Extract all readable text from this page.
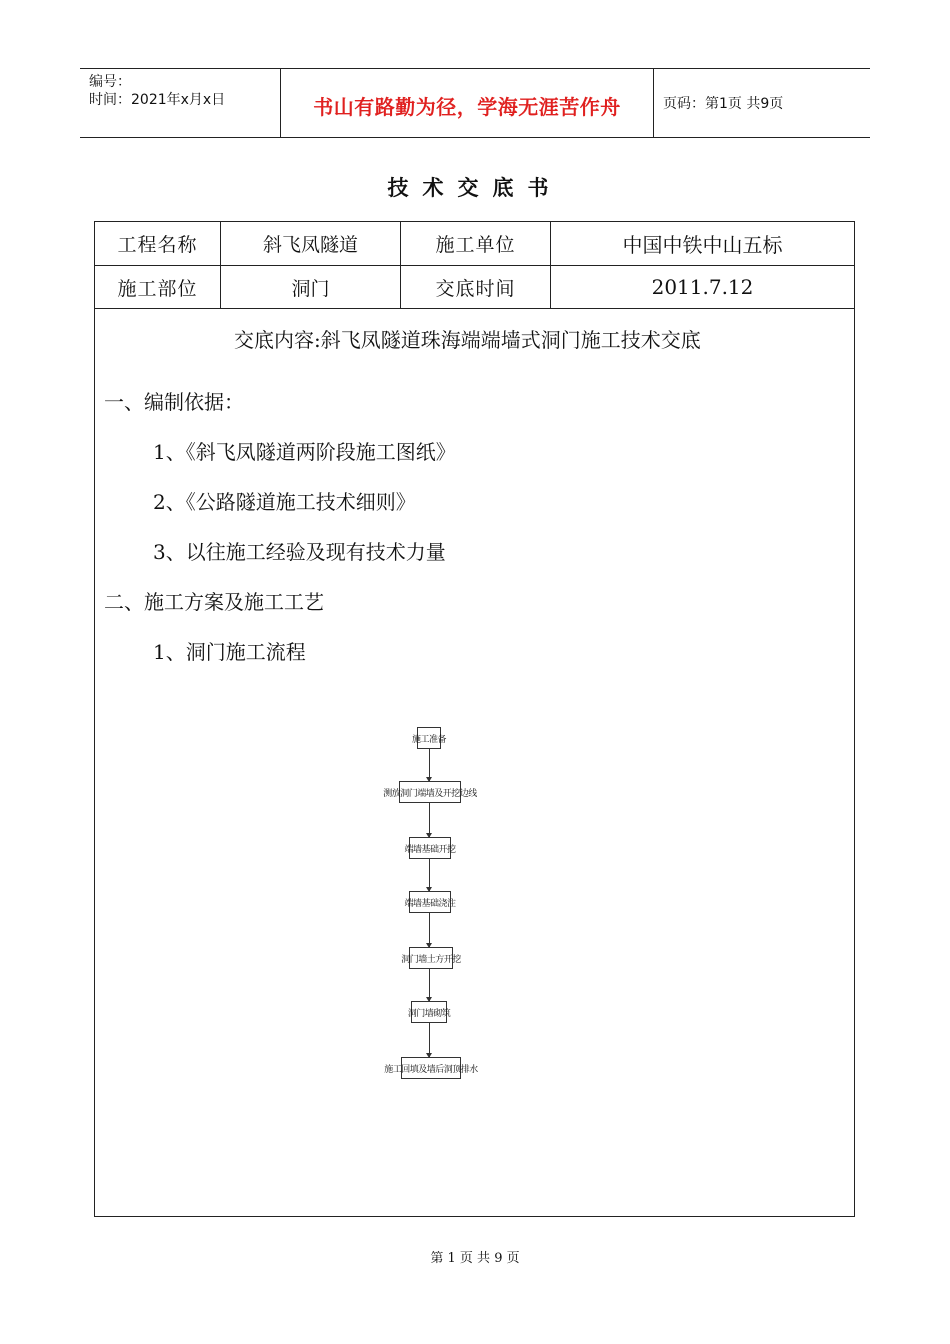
编号：
时间：2021年x月x日	书山有路勤为径，学海无涯苦作舟	页码：第1页 共9页
技术交底书
工程名称	斜飞凤隧道	施工单位	中国中铁中山五标
施工部位	洞门	交底时间	2011.7.12
交底内容:斜飞凤隧道珠海端端墙式洞门施工技术交底
一、编制依据：
1、《斜飞凤隧道两阶段施工图纸》
2、《公路隧道施工技术细则》
3、以往施工经验及现有技术力量
二、施工方案及施工工艺
1、洞门施工流程
施工准备
测放洞门端墙及开挖边线
端墙基础开挖
端墙基础浇注
洞门墙土方开挖
洞门墙砌筑
施工回填及墙后洞顶排水
第 1 页 共 9 页
